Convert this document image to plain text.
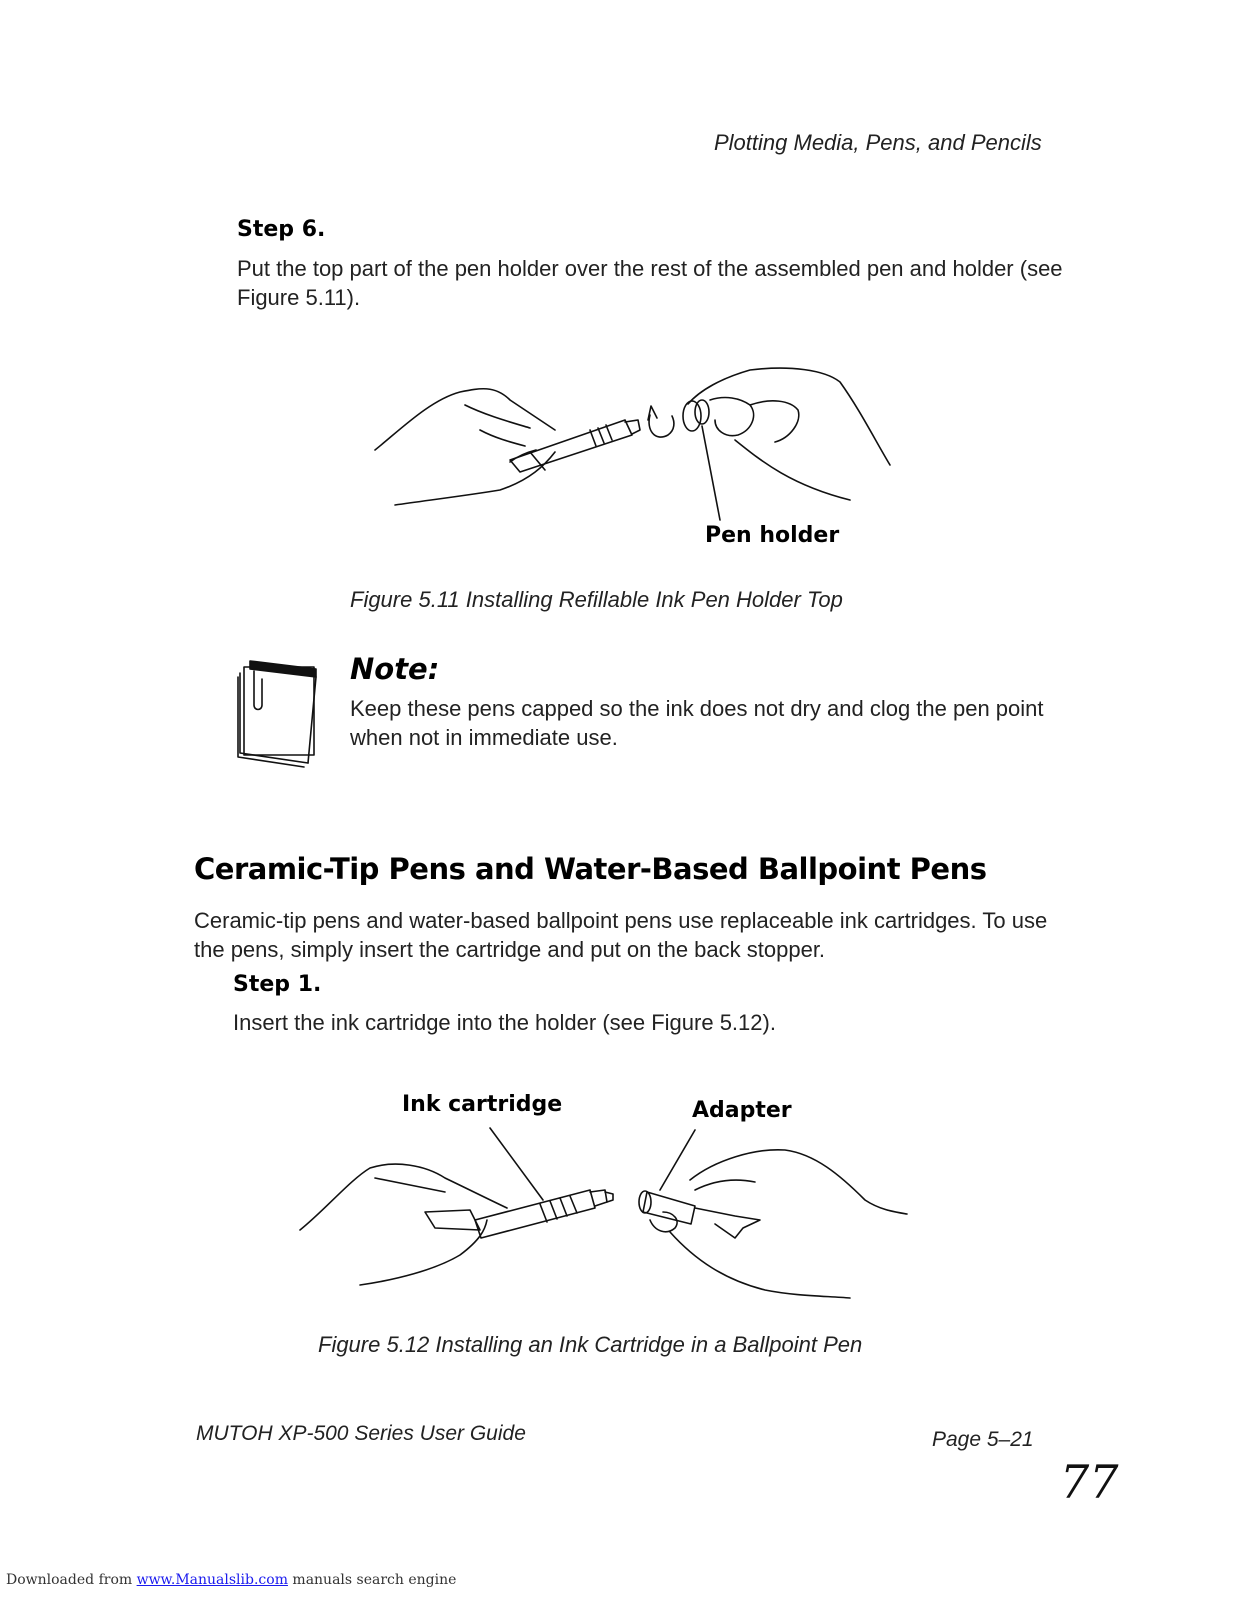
Plotting Media, Pens, and Pencils
Step 6.
Put the top part of the pen holder over the rest of the assembled pen and holder (see Figure 5.11).
Pen holder
Figure 5.11 Installing Refillable Ink Pen Holder Top
Note:
Keep these pens capped so the ink does not dry and clog the pen point when not in immediate use.
Ceramic-Tip Pens and Water-Based Ballpoint Pens
Ceramic-tip pens and water-based ballpoint pens use replaceable ink cartridges. To use the pens, simply insert the cartridge and put on the back stopper.
Step 1.
Insert the ink cartridge into the holder (see Figure 5.12).
Ink cartridge	Adapter
Figure 5.12 Installing an Ink Cartridge in a Ballpoint Pen
MUTOH XP-500 Series User Guide	Page 5–21
77
Downloaded from www.Manualslib.com manuals search engine
